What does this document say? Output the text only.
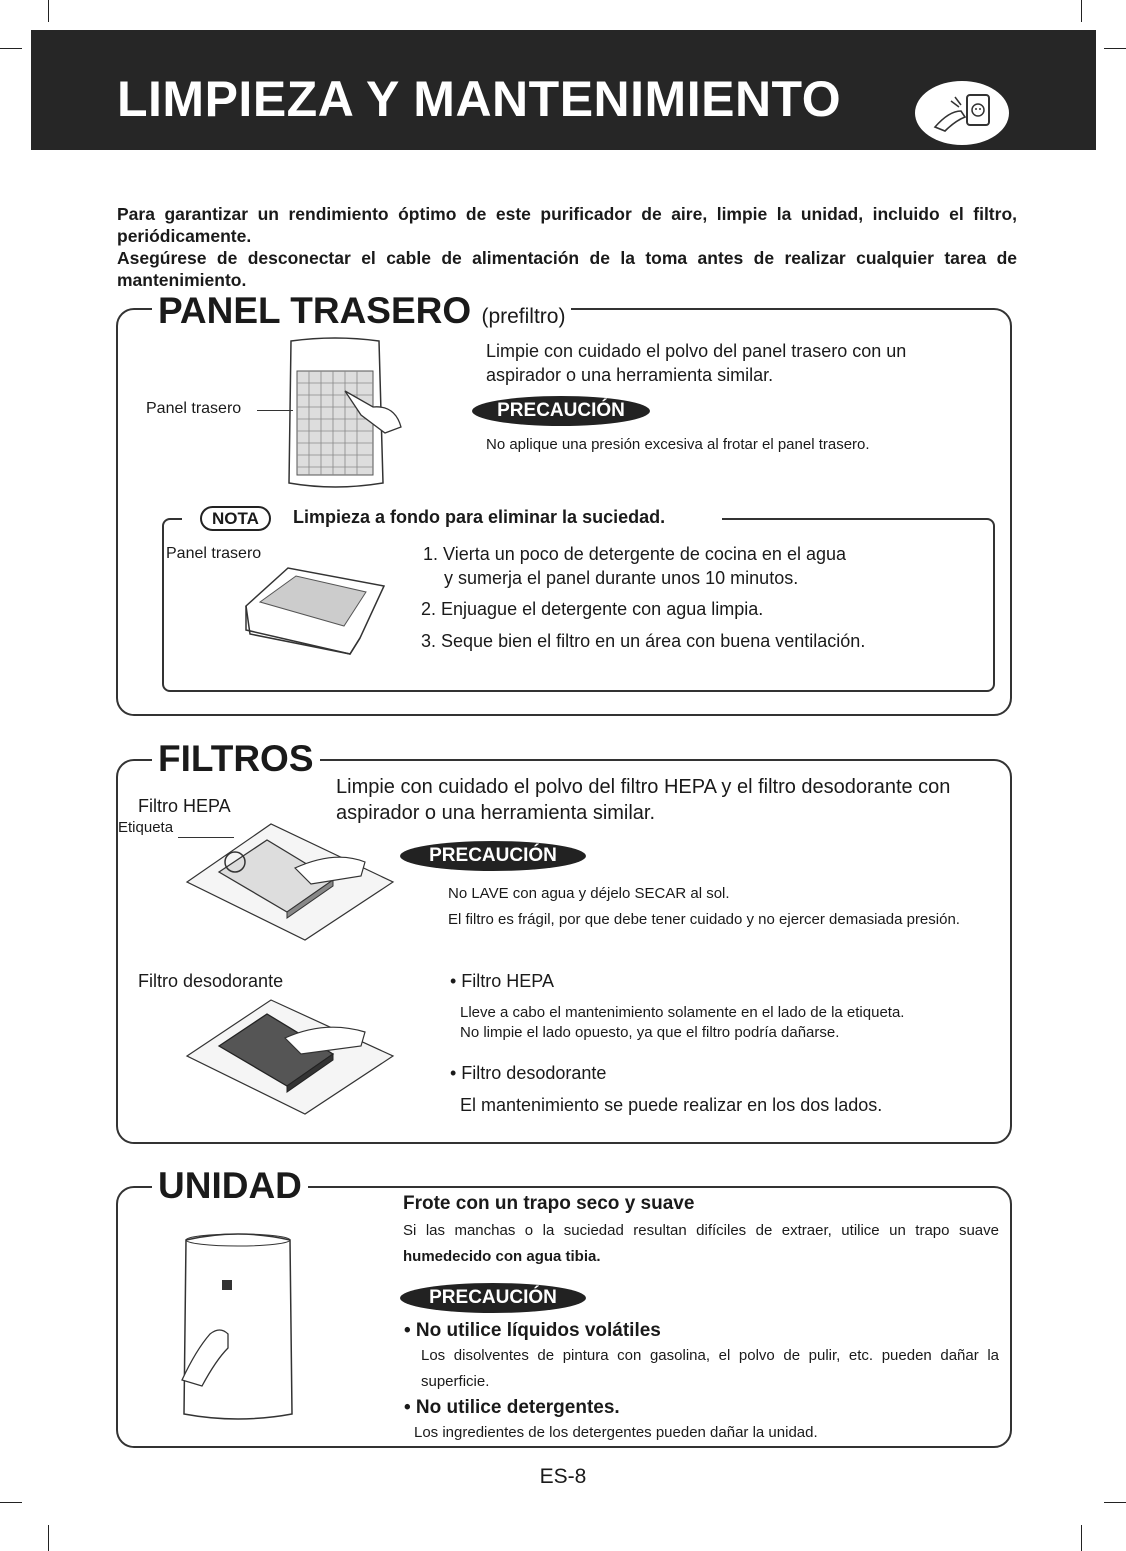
LIMPIEZA Y MANTENIMIENTO
Para garantizar un rendimiento óptimo de este purificador de aire, limpie la unidad, incluido el filtro, periódicamente.
Asegúrese de desconectar el cable de alimentación de la toma antes de realizar cualquier tarea de mantenimiento.
PANEL TRASERO (prefiltro)
Panel trasero
Limpie con cuidado el polvo del panel trasero con un aspirador o una herramienta similar.
PRECAUCIÓN
No aplique una presión excesiva al frotar el panel trasero.
NOTA	Limpieza a fondo para eliminar la suciedad.
Panel trasero	1. Vierta un poco de detergente de cocina en el agua
y sumerja el panel durante unos 10 minutos.
2. Enjuague el detergente con agua limpia.
3. Seque bien el filtro en un área con buena ventilación.
FILTROS
Limpie con cuidado el polvo del filtro HEPA y el filtro desodorante con aspirador o una herramienta similar.
Filtro HEPA
Etiqueta
PRECAUCIÓN
No LAVE con agua y déjelo SECAR al sol.
El filtro es frágil, por que debe tener cuidado y no ejercer demasiada presión.
Filtro desodorante	• Filtro HEPA
Lleve a cabo el mantenimiento solamente en el lado de la etiqueta.
No limpie el lado opuesto, ya que el filtro podría dañarse.
• Filtro desodorante
El mantenimiento se puede realizar en los dos lados.
UNIDAD	Frote con un trapo seco y suave
Si las manchas o la suciedad resultan difíciles de extraer, utilice un trapo suave humedecido con agua tibia.
PRECAUCIÓN
• No utilice líquidos volátiles
Los disolventes de pintura con gasolina, el polvo de pulir, etc. pueden dañar la superficie.
• No utilice detergentes.
Los ingredientes de los detergentes pueden dañar la unidad.
ES-8
